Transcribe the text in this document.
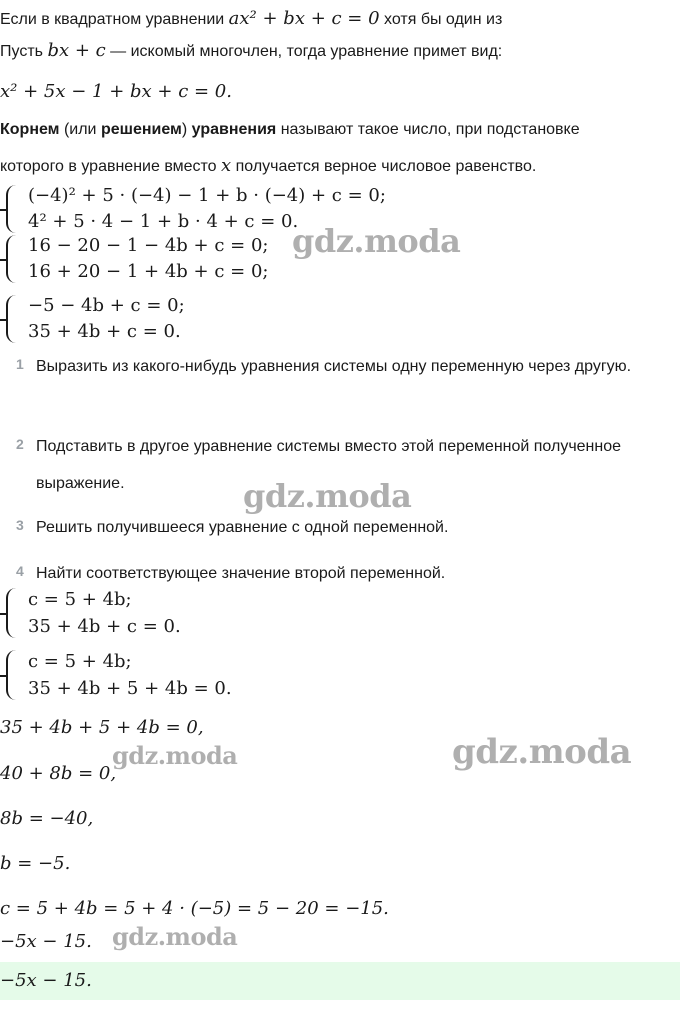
Если в квадратном уравнении ax² + bx + c = 0 хотя бы один из
Пусть bx + c — искомый многочлен, тогда уравнение примет вид:
x² + 5x − 1 + bx + c = 0.
Корнем (или решением) уравнения называют такое число, при подстановке
которого в уравнение вместо x получается верное числовое равенство.
(−4)² + 5 · (−4) − 1 + b · (−4) + c = 0;
4² + 5 · 4 − 1 + b · 4 + c = 0.
16 − 20 − 1 − 4b + c = 0;
16 + 20 − 1 + 4b + c = 0;
−5 − 4b + c = 0;
35 + 4b + c = 0.
1 Выразить из какого-нибудь уравнения системы одну переменную через другую.
2 Подставить в другое уравнение системы вместо этой переменной полученное выражение.
3 Решить получившееся уравнение с одной переменной.
4 Найти соответствующее значение второй переменной.
c = 5 + 4b;
35 + 4b + c = 0.
c = 5 + 4b;
35 + 4b + 5 + 4b = 0.
35 + 4b + 5 + 4b = 0,
40 + 8b = 0,
8b = −40,
b = −5.
c = 5 + 4b = 5 + 4 · (−5) = 5 − 20 = −15.
−5x − 15.
−5x − 15.
gdz.moda
gdz.moda
gdz.moda	gdz.moda
gdz.moda
